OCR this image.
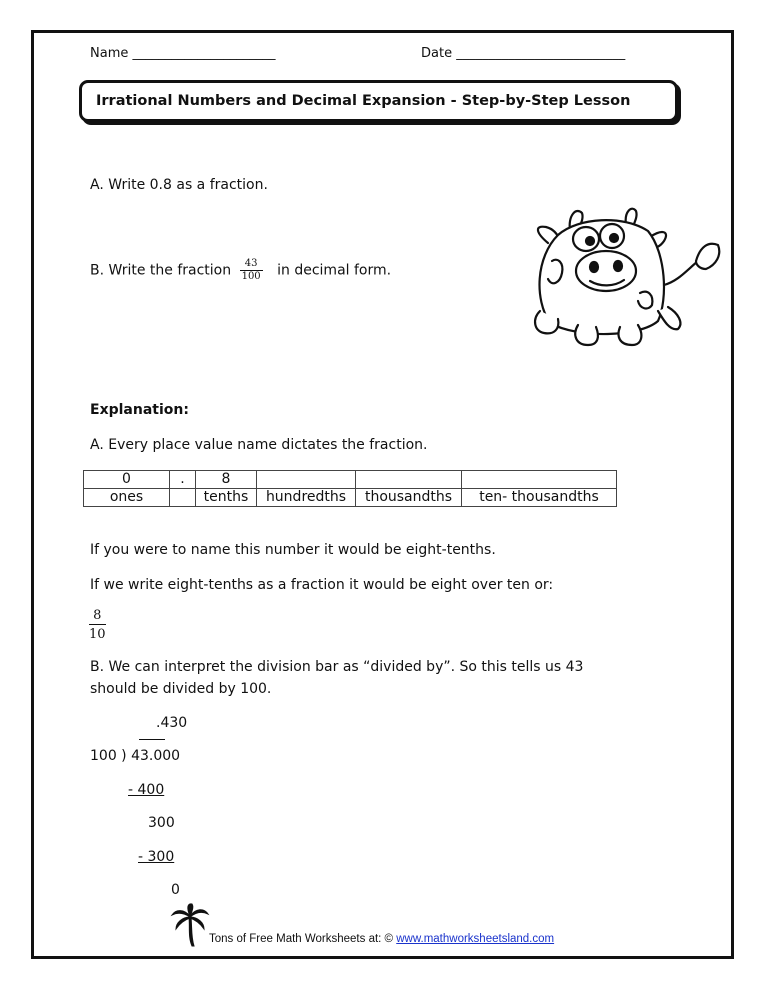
Name ______________________	Date __________________________
Irrational Numbers and Decimal Expansion - Step-by-Step Lesson
A. Write 0.8 as a fraction.
B. Write the fraction $\frac{43}{100}$ in decimal form.
Explanation:
A. Every place value name dictates the fraction.
0	.	8			
ones		tenths	hundredths	thousandths	ten- thousandths
If you were to name this number it would be eight-tenths.
If we write eight-tenths as a fraction it would be eight over ten or:
$\frac{8}{10}$
B. We can interpret the division bar as “divided by”. So this tells us 43
should be divided by 100.
.430
100 ) 43.000
- 400
300
- 300
0
Tons of Free Math Worksheets at: © www.mathworksheetsland.com
